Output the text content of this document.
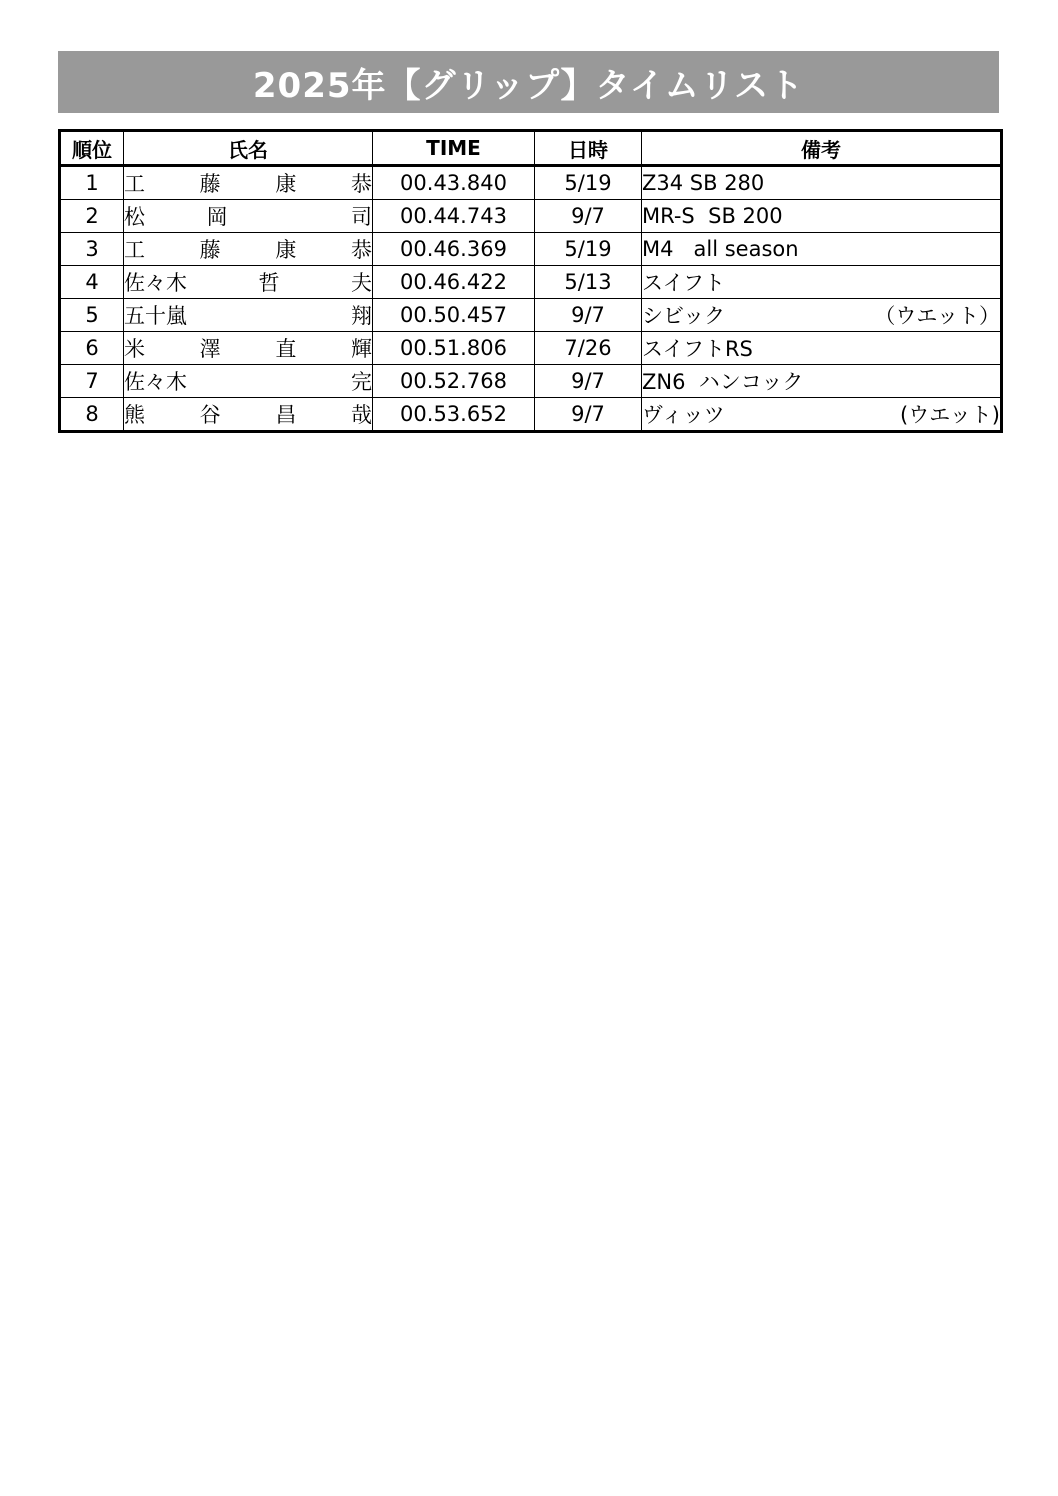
2025年【グリップ】タイムリスト
順位	氏名	TIME	日時	備考
1	工 藤 康 恭	00.43.840	5/19	Z34 SB 280

2	松 岡 司	00.44.743	9/7	MR-S  SB 200

3	工 藤 康 恭	00.46.369	5/19	M4   all season

4	佐々木 哲 夫	00.46.422	5/13	スイフト

5	五十嵐 翔	00.50.457	9/7	シビック （ウエット）

6	米 澤 直 輝	00.51.806	7/26	スイフトRS

7	佐々木 完	00.52.768	9/7	ZN6  ハンコック

8	熊 谷 昌 哉	00.53.652	9/7	ヴィッツ (ウエット)
